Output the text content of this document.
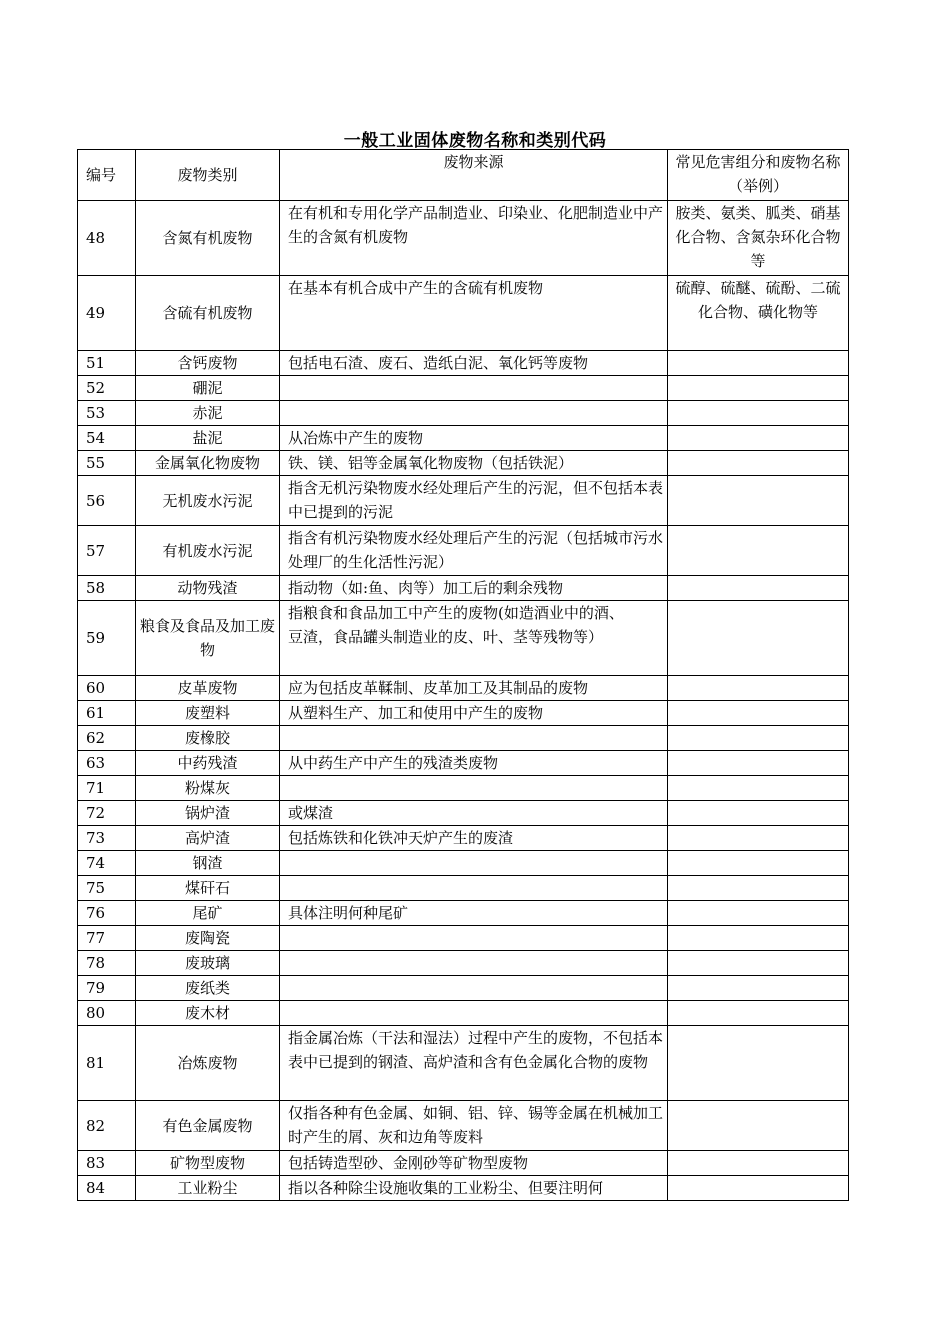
一般工业固体废物名称和类别代码
编号	废物类别	废物来源	常见危害组分和废物名称（举例）
48	含氮有机废物	在有机和专用化学产品制造业、印染业、化肥制造业中产生的含氮有机废物	胺类、氨类、胍类、硝基化合物、含氮杂环化合物等
49	含硫有机废物	在基本有机合成中产生的含硫有机废物	硫醇、硫醚、硫酚、二硫化合物、磺化物等
51	含钙废物	包括电石渣、废石、造纸白泥、氧化钙等废物	
52	硼泥		
53	赤泥		
54	盐泥	从冶炼中产生的废物	
55	金属氧化物废物	铁、镁、铝等金属氧化物废物（包括铁泥）	
56	无机废水污泥	指含无机污染物废水经处理后产生的污泥，但不包括本表中已提到的污泥	
57	有机废水污泥	指含有机污染物废水经处理后产生的污泥（包括城市污水处理厂的生化活性污泥）	
58	动物残渣	指动物（如:鱼、肉等）加工后的剩余残物	
59	粮食及食品及加工废物	指粮食和食品加工中产生的废物(如造酒业中的酒、
豆渣，食品罐头制造业的皮、叶、茎等残物等）	
60	皮革废物	应为包括皮革鞣制、皮革加工及其制品的废物	
61	废塑料	从塑料生产、加工和使用中产生的废物	
62	废橡胶		
63	中药残渣	从中药生产中产生的残渣类废物	
71	粉煤灰		
72	锅炉渣	或煤渣	
73	高炉渣	包括炼铁和化铁冲天炉产生的废渣	
74	钢渣		
75	煤矸石		
76	尾矿	具体注明何种尾矿	
77	废陶瓷		
78	废玻璃		
79	废纸类		
80	废木材		
81	冶炼废物	指金属冶炼（干法和湿法）过程中产生的废物，不包括本表中已提到的钢渣、高炉渣和含有色金属化合物的废物	
82	有色金属废物	仅指各种有色金属、如铜、铝、锌、锡等金属在机械加工时产生的屑、灰和边角等废料	
83	矿物型废物	包括铸造型砂、金刚砂等矿物型废物	
84	工业粉尘	指以各种除尘设施收集的工业粉尘、但要注明何	
